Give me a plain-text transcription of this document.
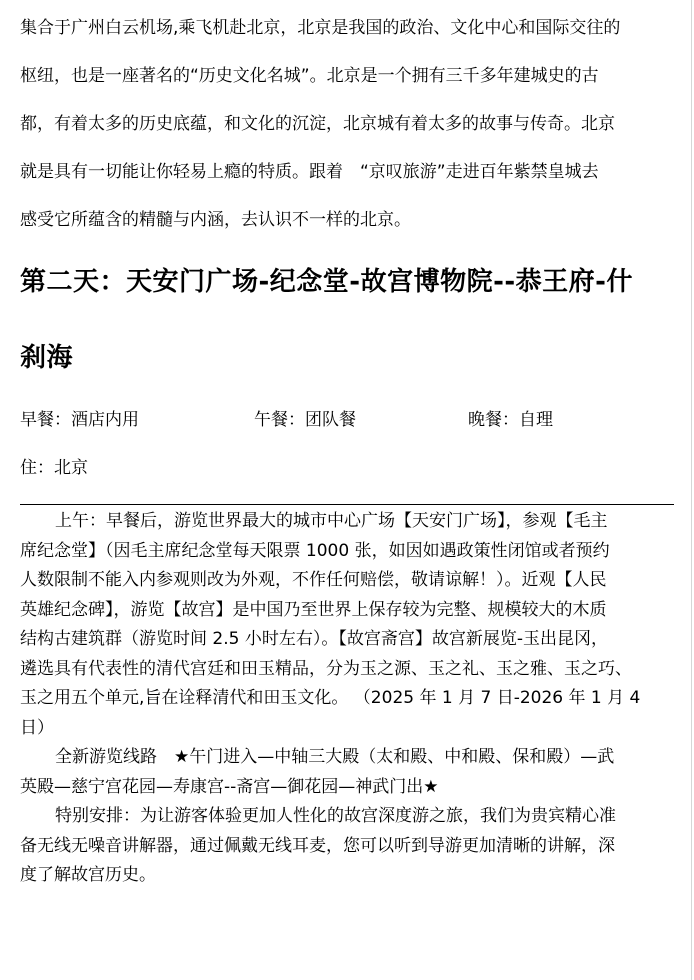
集合于广州白云机场,乘飞机赴北京，北京是我国的政治、文化中心和国际交往的
枢纽，也是一座著名的“历史文化名城”。北京是一个拥有三千多年建城史的古
都，有着太多的历史底蕴，和文化的沉淀，北京城有着太多的故事与传奇。北京
就是具有一切能让你轻易上瘾的特质。跟着　“京叹旅游”走进百年紫禁皇城去
感受它所蕴含的精髓与内涵，去认识不一样的北京。

第二天：天安门广场-纪念堂-故宫博物院--恭王府-什
刹海
早餐：酒店内用	午餐：团队餐	晚餐：自理
住：北京
上午：早餐后，游览世界最大的城市中心广场【天安门广场】，参观【毛主
席纪念堂】（因毛主席纪念堂每天限票 1000 张，如因如遇政策性闭馆或者预约
人数限制不能入内参观则改为外观，不作任何赔偿，敬请谅解！）。近观【人民
英雄纪念碑】，游览【故宫】是中国乃至世界上保存较为完整、规模较大的木质
结构古建筑群（游览时间 2.5 小时左右）。【故宫斋宫】故宫新展览-玉出昆冈，
遴选具有代表性的清代宫廷和田玉精品，分为玉之源、玉之礼、玉之雅、玉之巧、
玉之用五个单元,旨在诠释清代和田玉文化。 （2025 年 1 月 7 日-2026 年 1 月 4
日）
全新游览线路　★午门进入—中轴三大殿（太和殿、中和殿、保和殿）—武
英殿—慈宁宫花园—寿康宫--斋宫—御花园—神武门出★
特别安排：为让游客体验更加人性化的故宫深度游之旅，我们为贵宾精心准
备无线无噪音讲解器，通过佩戴无线耳麦，您可以听到导游更加清晰的讲解，深
度了解故宫历史。
